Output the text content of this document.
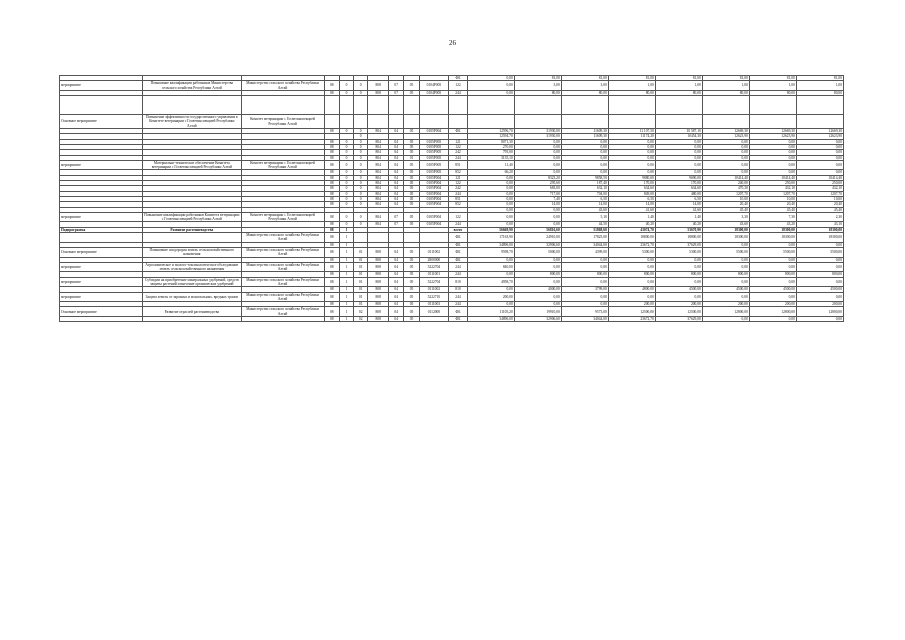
26
										ФБ	0,00	81,00	81,00	81,00	81,00	81,00	81,00	81,00
мероприятие	Повышение квалификации работников Министерства сельского хозяйства Республики Алтай	Министерство сельского хозяйства Республики Алтай	08	0	0	808	07	05	0104Р005	122	0,00	3,00	3,00	1,00	1,00	1,00	1,00	1,00
			08	0	0	808	07	05	0104Р005	244	0,00	80,00	80,00	80,00	80,00	80,00	80,00	80,00

Основное мероприятие	Повышение эффективности государственного управления в Комитете ветеринарии с Госветинспекцией Республики Алтай	Комитет ветеринарии с Госветинспекцией Республики Алтай																
			08	0	0	804	04	05	0105Р004	ФБ	12596,70	31930,00	11609,30	11 107,50	10 587,10	12669,30	12669,30	12669,30
					0						12594,70	31930,00	11609,30	11174,20	10454,30	12623,90	12623,90	12623,90
			08	0	0	804	04	05	0105Р005	121	8071,30	0,00	0,00	0,00	0,00	0,00	0,00	0,00
			08	0	0	804	04	05	0105Р005	122	270,00	0,00	0,00	0,00	0,00	0,00	0,00	0,00
			08	0	0	804	04	05	0105Р005	242	795,00	0,00	0,00	0,00	0,00	0,00	0,00	0,00
			08	0	0	804	04	01	0105Р005	244	3135,10	0,00	0,00	0,00	0,00	0,00	0,00	0,00
мероприятие	Материально-техническое обеспечение Комитета ветеринарии с Госветинспекцией Республики Алтай	Комитет ветеринарии с Госветинспекцией Республики Алтай	08	0	0	804	04	05	0105Р005	851	11,40	0,00	0,00	0,00	0,00	0,00	0,00	0,00
			08	0	0	804	04	05	0105Р005	852	66,20	0,00	0,00	0,00	0,00	0,00	0,00	0,00
			08	0	0	804	04	05	0105Р004	121	0,00	8323,20	9858,50	9880,00	9690,00	10414,40	10414,40	10414,40
			08	0	0	804	04	05	0105Р004	122	0,00	295,60	187,40	170,00	170,00	240,00	250,00	250,00
			08	0	0	804	04	05	0105Р004	242	0,00	683,00	632,10	634,60	634,60	470,30	432,10	432,10
			08	0	0	804	04	05	0105Р004	244	0,00	717,00	704,00	849,00	480,00	1207,70	1207,70	1207,70
			08	0	0	804	04	05	0105Р004	851	0,00	7,40	6,50	6,50	6,50	10,00	10,00	10,00
			08	0	0	804	04	05	0105Р004	852	0,00	14,00	14,00	14,00	14,00	20,40	20,40	20,40
											0,00	0,00	43,60	41,60	41,60	45,40	45,40	45,40
мероприятие	Повышение квалификации работников Комитета ветеринарии с Госветинспекцией Республики Алтай	Комитет ветеринарии с Госветинспекцией Республики Алтай	08	0	0	804	07	05	0105Р004	122	0,00	0,00	5,10	1,40	1,40	3,30	7,30	2,30
			08	0	0	804	07	05	0105Р004	244	0,00	0,00	44,50	40,20	40,20	43,60	43,20	43,10
Подпрограмма	Развитие растениеводства		08	1						всего	56669,90	56816,60	51868,60	43074,70	53670,90	18300,00	18300,00	18300,00
		Министерство сельского хозяйства Республики Алтай	08	1						ФБ	17163,90	24910,00	17825,00	18800,00	18800,00	18300,00	18300,00	18300,00
			08	1						ФБ	34896,00	32906,60	34044,00	23672,70	37629,00	0,00	0,00	0,00
Основное мероприятие	Повышение плодородия земель сельскохозяйственного назначения	Министерство сельского хозяйства Республики Алтай	08	1	01	808	04	05	0111002	ФБ	9598,70	5000,00	4399,00	5300,00	5300,00	5500,00	5500,00	5500,00
			08	1	01	808	04	05	2800000	ФБ	0,00	0,00	0,00	0,00	0,00	0,00	0,00	0,00
мероприятие	Агрохимическое и эколого-токсикологическое обследование земель сельскохозяйственного назначения	Министерство сельского хозяйства Республики Алтай	08	1	01	808	04	05	5222704	244	840,00	0,00	0,00	0,00	0,00	0,00	0,00	0,00
			08	1	01	808	04	05	0111001	244	0,00	800,00	800,00	800,00	800,00	800,00	800,00	800,00
мероприятие	Субсидии на приобретение минеральных удобрений, средств защиты растений и внесение органических удобрений	Министерство сельского хозяйства Республики Алтай	08	1	01	808	04	05	5222704	810	4958,70	0,00	0,00	0,00	0,00	0,00	0,00	0,00
			08	1	01	808	04	05	0111002	810	0,00	4000,00	3799,00	4800,00	4500,00	4500,00	4500,00	4500,00
мероприятие	Защита земель от заразных и монопольных, вредных трапов	Министерство сельского хозяйства Республики Алтай	08	1	01	808	04	05	5222710	244	200,00	0,00	0,00	0,00	0,00	0,00	0,00	0,00
			08	1	01	808	04	05	0111003	244	0,00	0,00	0,00	200,00	200,00	200,00	200,00	200,00
Основное мероприятие	Развитие отраслей растениеводства	Министерство сельского хозяйства Республики Алтай	08	1	02	808	04	05	0112000	ФБ	11105,20	19910,00	9573,00	12500,00	12500,00	12800,00	12800,00	12800,00
			08	1	02	808	04	05		ФБ	34896,00	32906,60	34044,00	23672,70	37629,00	0,00	0,00	0,00
